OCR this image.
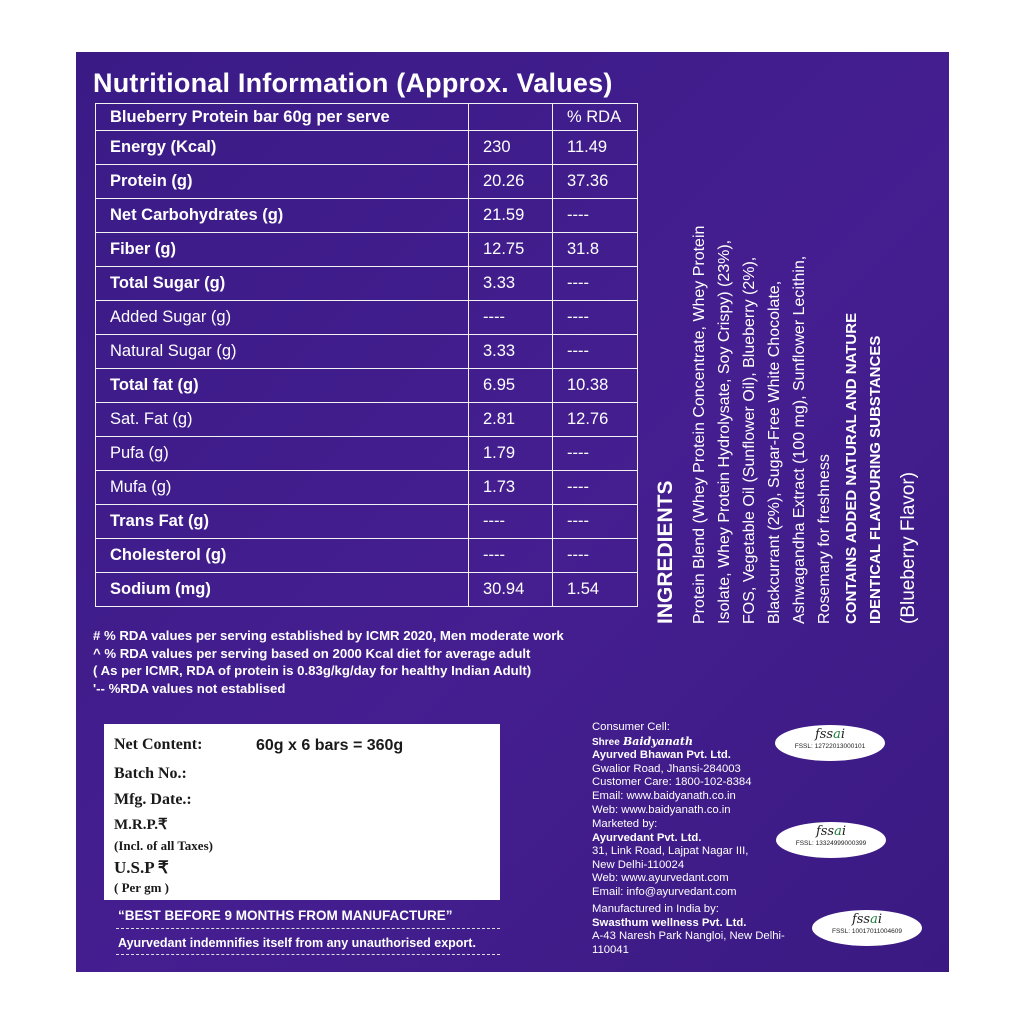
Nutritional Information (Approx. Values)
Blueberry Protein bar 60g per serve		% RDA
Energy (Kcal)	230	11.49
Protein (g)	20.26	37.36
Net Carbohydrates (g)	21.59	----
Fiber (g)	12.75	31.8
Total Sugar (g)	3.33	----
Added Sugar (g)	----	----
Natural Sugar (g)	3.33	----
Total fat (g)	6.95	10.38
Sat. Fat (g)	2.81	12.76
Pufa (g)	1.79	----
Mufa (g)	1.73	----
Trans Fat (g)	----	----
Cholesterol (g)	----	----
Sodium (mg)	30.94	1.54
# % RDA values per serving established by ICMR 2020, Men moderate work
^ % RDA values per serving based on 2000 Kcal diet for average adult
( As per ICMR, RDA of protein is 0.83g/kg/day for healthy Indian Adult)
'-- %RDA values not establised
INGREDIENTS Protein Blend (Whey Protein Concentrate, Whey Protein Isolate, Whey Protein Hydrolysate, Soy Crispy) (23%), FOS, Vegetable Oil (Sunflower Oil), Blueberry (2%), Blackcurrant (2%), Sugar-Free White Chocolate, Ashwagandha Extract (100 mg), Sunflower Lecithin, Rosemary for freshness CONTAINS ADDED NATURAL AND NATURE IDENTICAL FLAVOURING SUBSTANCES (Blueberry Flavor)
Net Content:	60g x 6 bars = 360g
Batch No.:
Mfg. Date.:
M.R.P.₹
(Incl. of all Taxes)
U.S.P ₹
( Per gm )
“BEST BEFORE 9 MONTHS FROM MANUFACTURE”
Ayurvedant indemnifies itself from any unauthorised export.
Consumer Cell:
Shree Baidyanath
Ayurved Bhawan Pvt. Ltd.
Gwalior Road, Jhansi-284003
Customer Care: 1800-102-8384
Email: www.baidyanath.co.in
Web: www.baidyanath.co.in
Marketed by:
Ayurvedant Pvt. Ltd.
31, Link Road, Lajpat Nagar III,
New Delhi-110024
Web: www.ayurvedant.com
Email: info@ayurvedant.com
Manufactured in India by:
Swasthum wellness Pvt. Ltd.
A-43 Naresh Park Nangloi, New Delhi-
110041
fssai
FSSL: 12722013000101
fssai
FSSL: 13324999000399
fssai
FSSL: 10017011004609
